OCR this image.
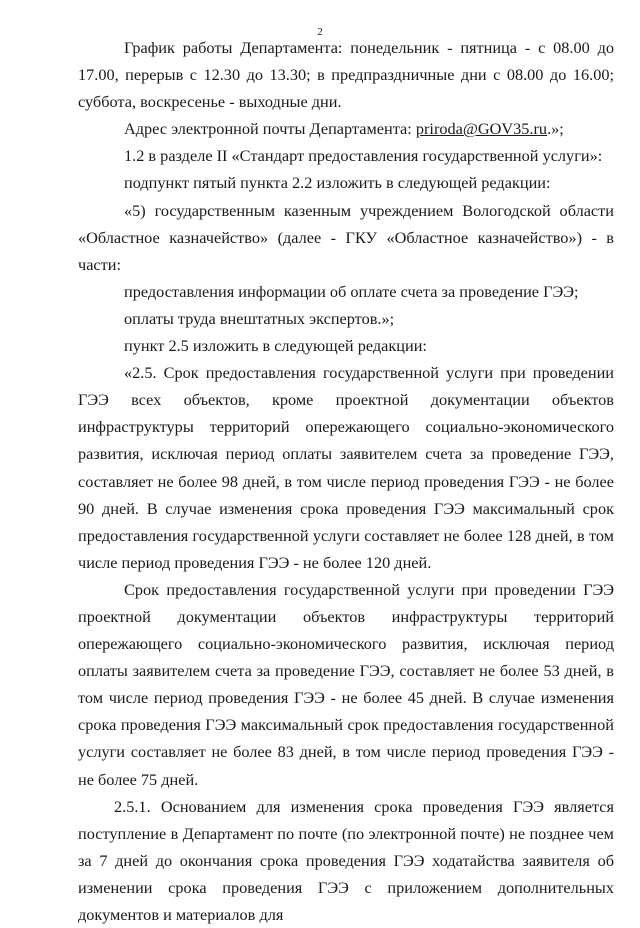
2

График работы Департамента: понедельник - пятница - с 08.00 до 17.00, перерыв с 12.30 до 13.30; в предпраздничные дни с 08.00 до 16.00; суббота, воскресенье - выходные дни.

Адрес электронной почты Департамента: priroda@GOV35.ru.»;

1.2 в разделе II «Стандарт предоставления государственной услуги»:

подпункт пятый пункта 2.2 изложить в следующей редакции:

«5) государственным казенным учреждением Вологодской области «Областное казначейство» (далее - ГКУ «Областное казначейство») - в части:

предоставления информации об оплате счета за проведение ГЭЭ;

оплаты труда внештатных экспертов.»;

пункт 2.5 изложить в следующей редакции:

«2.5. Срок предоставления государственной услуги при проведении ГЭЭ всех объектов, кроме проектной документации объектов инфраструктуры территорий опережающего социально-экономического развития, исключая период оплаты заявителем счета за проведение ГЭЭ, составляет не более 98 дней, в том числе период проведения ГЭЭ - не более 90 дней. В случае изменения срока проведения ГЭЭ максимальный срок предоставления государственной услуги составляет не более 128 дней, в том числе период проведения ГЭЭ - не более 120 дней.

Срок предоставления государственной услуги при проведении ГЭЭ проектной документации объектов инфраструктуры территорий опережающего социально-экономического развития, исключая период оплаты заявителем счета за проведение ГЭЭ, составляет не более 53 дней, в том числе период проведения ГЭЭ - не более 45 дней. В случае изменения срока проведения ГЭЭ максимальный срок предоставления государственной услуги составляет не более 83 дней, в том числе период проведения ГЭЭ - не более 75 дней.

2.5.1. Основанием для изменения срока проведения ГЭЭ является поступление в Департамент по почте (по электронной почте) не позднее чем за 7 дней до окончания срока проведения ГЭЭ ходатайства заявителя об изменении срока проведения ГЭЭ с приложением дополнительных документов и материалов для
